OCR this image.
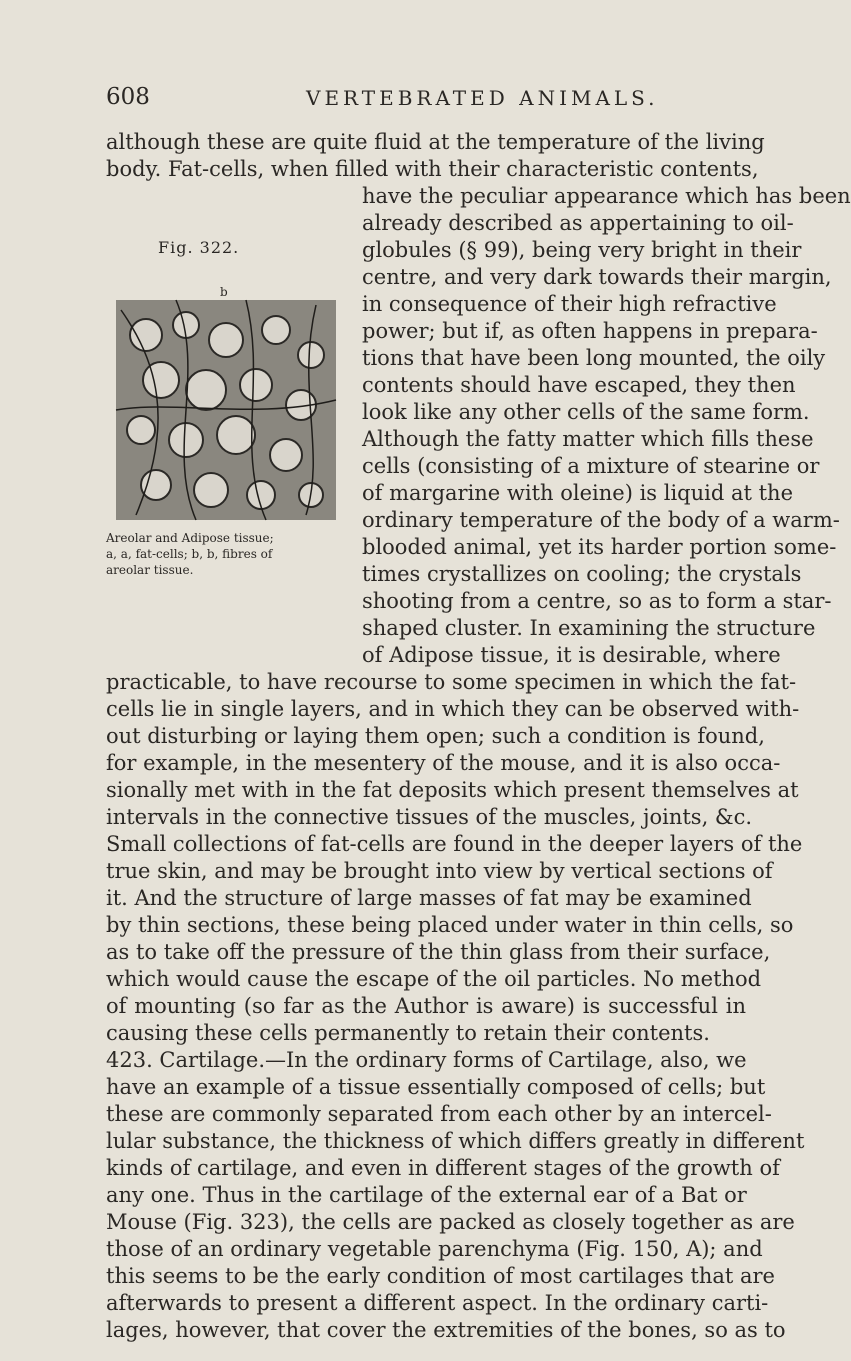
608	VERTEBRATED ANIMALS.
Fig. 322.
b
Areolar and Adipose tissue;
a, a, fat-cells; b, b, fibres of
areolar tissue.
although these are quite fluid at the temperature of the living
body. Fat-cells, when filled with their characteristic contents,
have the peculiar appearance which has been
already described as appertaining to oil-
globules (§ 99), being very bright in their
centre, and very dark towards their margin,
in consequence of their high refractive
power; but if, as often happens in prepara-
tions that have been long mounted, the oily
contents should have escaped, they then
look like any other cells of the same form.
Although the fatty matter which fills these
cells (consisting of a mixture of stearine or
of margarine with oleine) is liquid at the
ordinary temperature of the body of a warm-
blooded animal, yet its harder portion some-
times crystallizes on cooling; the crystals
shooting from a centre, so as to form a star-
shaped cluster. In examining the structure
of Adipose tissue, it is desirable, where
practicable, to have recourse to some specimen in which the fat-
cells lie in single layers, and in which they can be observed with-
out disturbing or laying them open; such a condition is found,
for example, in the mesentery of the mouse, and it is also occa-
sionally met with in the fat deposits which present themselves at
intervals in the connective tissues of the muscles, joints, &c.
Small collections of fat-cells are found in the deeper layers of the
true skin, and may be brought into view by vertical sections of
it. And the structure of large masses of fat may be examined
by thin sections, these being placed under water in thin cells, so
as to take off the pressure of the thin glass from their surface,
which would cause the escape of the oil particles. No method
of mounting (so far as the Author is aware) is successful in
causing these cells permanently to retain their contents.
423. Cartilage.—In the ordinary forms of Cartilage, also, we
have an example of a tissue essentially composed of cells; but
these are commonly separated from each other by an intercel-
lular substance, the thickness of which differs greatly in different
kinds of cartilage, and even in different stages of the growth of
any one. Thus in the cartilage of the external ear of a Bat or
Mouse (Fig. 323), the cells are packed as closely together as are
those of an ordinary vegetable parenchyma (Fig. 150, A); and
this seems to be the early condition of most cartilages that are
afterwards to present a different aspect. In the ordinary carti-
lages, however, that cover the extremities of the bones, so as to
